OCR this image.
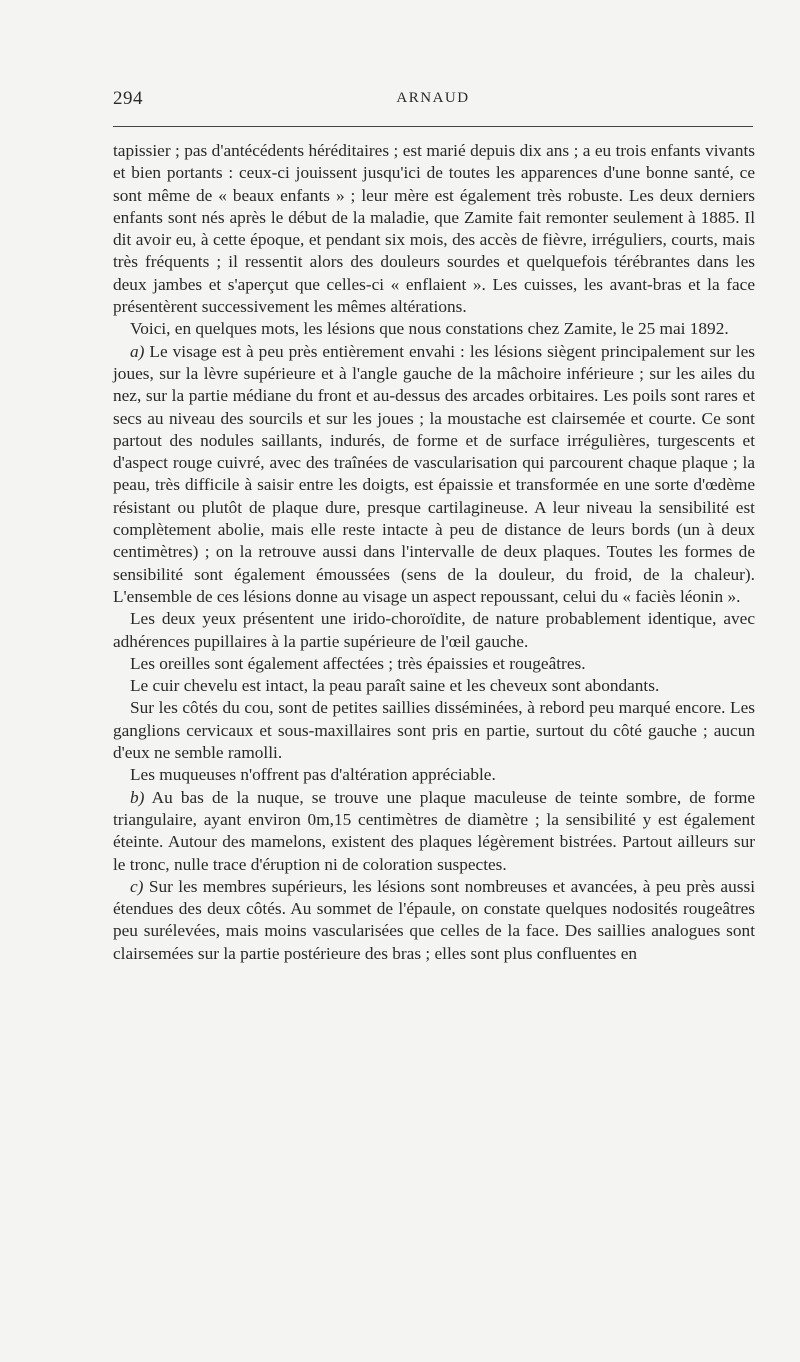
294	ARNAUD

tapissier ; pas d'antécédents héréditaires ; est marié depuis dix ans ; a eu trois enfants vivants et bien portants : ceux-ci jouissent jusqu'ici de toutes les apparences d'une bonne santé, ce sont même de « beaux enfants » ; leur mère est également très robuste. Les deux derniers enfants sont nés après le début de la maladie, que Zamite fait remonter seulement à 1885. Il dit avoir eu, à cette époque, et pendant six mois, des accès de fièvre, irréguliers, courts, mais très fréquents ; il ressentit alors des douleurs sourdes et quelquefois térébrantes dans les deux jambes et s'aperçut que celles-ci « enflaient ». Les cuisses, les avant-bras et la face présentèrent successivement les mêmes altérations.

Voici, en quelques mots, les lésions que nous constations chez Zamite, le 25 mai 1892.

a) Le visage est à peu près entièrement envahi : les lésions siègent principalement sur les joues, sur la lèvre supérieure et à l'angle gauche de la mâchoire inférieure ; sur les ailes du nez, sur la partie médiane du front et au-dessus des arcades orbitaires. Les poils sont rares et secs au niveau des sourcils et sur les joues ; la moustache est clairsemée et courte. Ce sont partout des nodules saillants, indurés, de forme et de surface irrégulières, turgescents et d'aspect rouge cuivré, avec des traînées de vascularisation qui parcourent chaque plaque ; la peau, très difficile à saisir entre les doigts, est épaissie et transformée en une sorte d'œdème résistant ou plutôt de plaque dure, presque cartilagineuse. A leur niveau la sensibilité est complètement abolie, mais elle reste intacte à peu de distance de leurs bords (un à deux centimètres) ; on la retrouve aussi dans l'intervalle de deux plaques. Toutes les formes de sensibilité sont également émoussées (sens de la douleur, du froid, de la chaleur). L'ensemble de ces lésions donne au visage un aspect repoussant, celui du « faciès léonin ».

Les deux yeux présentent une irido-choroïdite, de nature probablement identique, avec adhérences pupillaires à la partie supérieure de l'œil gauche.

Les oreilles sont également affectées ; très épaissies et rougeâtres.

Le cuir chevelu est intact, la peau paraît saine et les cheveux sont abondants.

Sur les côtés du cou, sont de petites saillies disséminées, à rebord peu marqué encore. Les ganglions cervicaux et sous-maxillaires sont pris en partie, surtout du côté gauche ; aucun d'eux ne semble ramolli.

Les muqueuses n'offrent pas d'altération appréciable.

b) Au bas de la nuque, se trouve une plaque maculeuse de teinte sombre, de forme triangulaire, ayant environ 0m,15 centimètres de diamètre ; la sensibilité y est également éteinte. Autour des mamelons, existent des plaques légèrement bistrées. Partout ailleurs sur le tronc, nulle trace d'éruption ni de coloration suspectes.

c) Sur les membres supérieurs, les lésions sont nombreuses et avancées, à peu près aussi étendues des deux côtés. Au sommet de l'épaule, on constate quelques nodosités rougeâtres peu surélevées, mais moins vascularisées que celles de la face. Des saillies analogues sont clairsemées sur la partie postérieure des bras ; elles sont plus confluentes en
